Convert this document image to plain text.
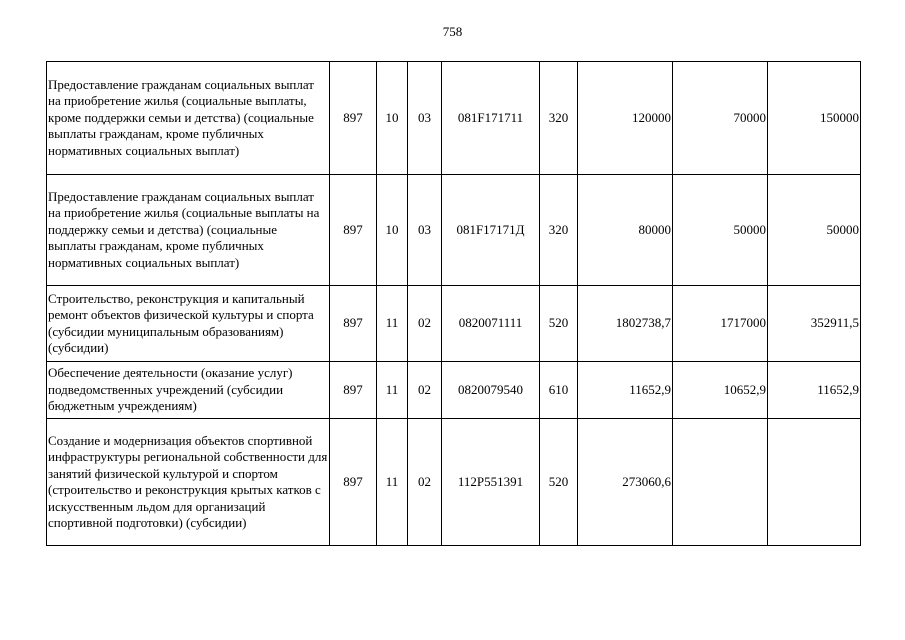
758
Предоставление гражданам социальных выплат на приобретение жилья (социальные выплаты, кроме поддержки семьи и детства) (социальные выплаты гражданам, кроме публичных нормативных социальных выплат)	897	10	03	081F171711	320	120000	70000	150000
Предоставление гражданам социальных выплат на приобретение жилья (социальные выплаты на поддержку семьи и детства) (социальные выплаты гражданам, кроме публичных нормативных социальных выплат)	897	10	03	081F17171Д	320	80000	50000	50000
Строительство, реконструкция и капитальный ремонт объектов физической культуры и спорта (субсидии муниципальным образованиям) (субсидии)	897	11	02	0820071111	520	1802738,7	1717000	352911,5
Обеспечение деятельности (оказание услуг) подведомственных учреждений (субсидии бюджетным учреждениям)	897	11	02	0820079540	610	11652,9	10652,9	11652,9
Создание и модернизация объектов спортивной инфраструктуры региональной собственности для занятий физической культурой и спортом (строительство и реконструкция крытых катков с искусственным льдом для организаций спортивной подготовки) (субсидии)	897	11	02	112P551391	520	273060,6		
